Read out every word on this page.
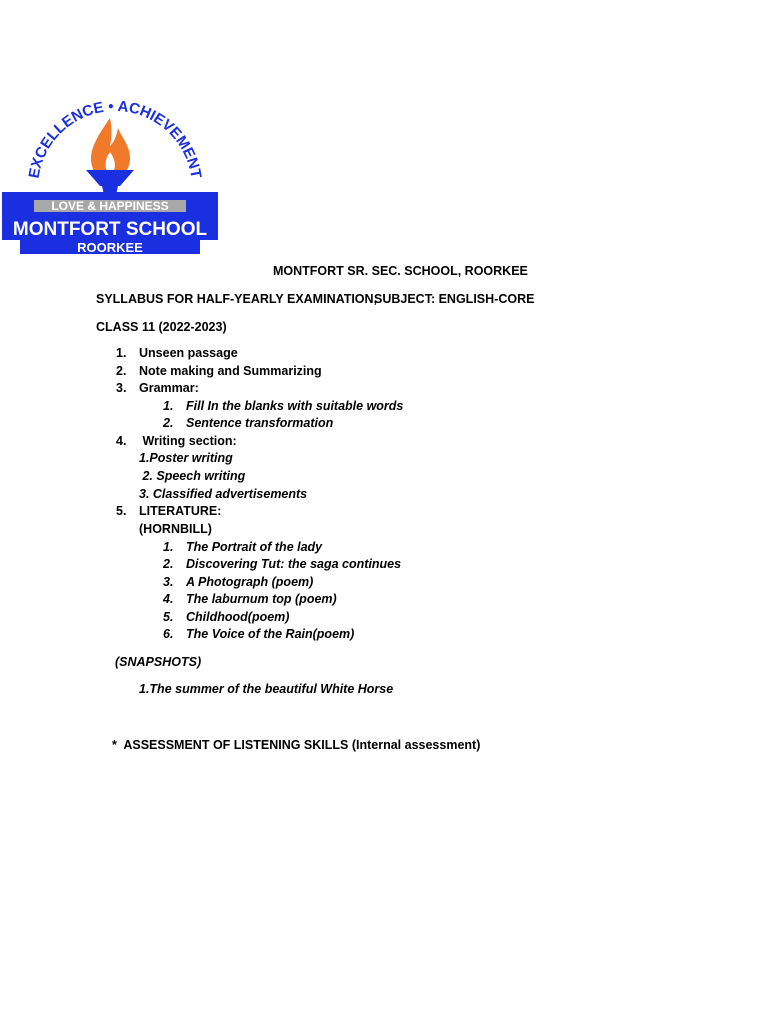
EXCELLENCE • ACHIEVEMENT
LOVE & HAPPINESS
MONTFORT SCHOOL
ROORKEE
MONTFORT SR. SEC. SCHOOL, ROORKEE
SYLLABUS FOR HALF-YEARLY EXAMINATION,
SUBJECT: ENGLISH-CORE
CLASS 11 (2022-2023)
1. Unseen passage
2. Note making and Summarizing
3. Grammar:
1. Fill In the blanks with suitable words
2. Sentence transformation
4. Writing section:
1.Poster writing
2. Speech writing
3. Classified advertisements
5. LITERATURE:
(HORNBILL)
1. The Portrait of the lady
2. Discovering Tut: the saga continues
3. A Photograph (poem)
4. The laburnum top (poem)
5. Childhood(poem)
6. The Voice of the Rain(poem)
(SNAPSHOTS)
1.The summer of the beautiful White Horse
*  ASSESSMENT OF LISTENING SKILLS (Internal assessment)
